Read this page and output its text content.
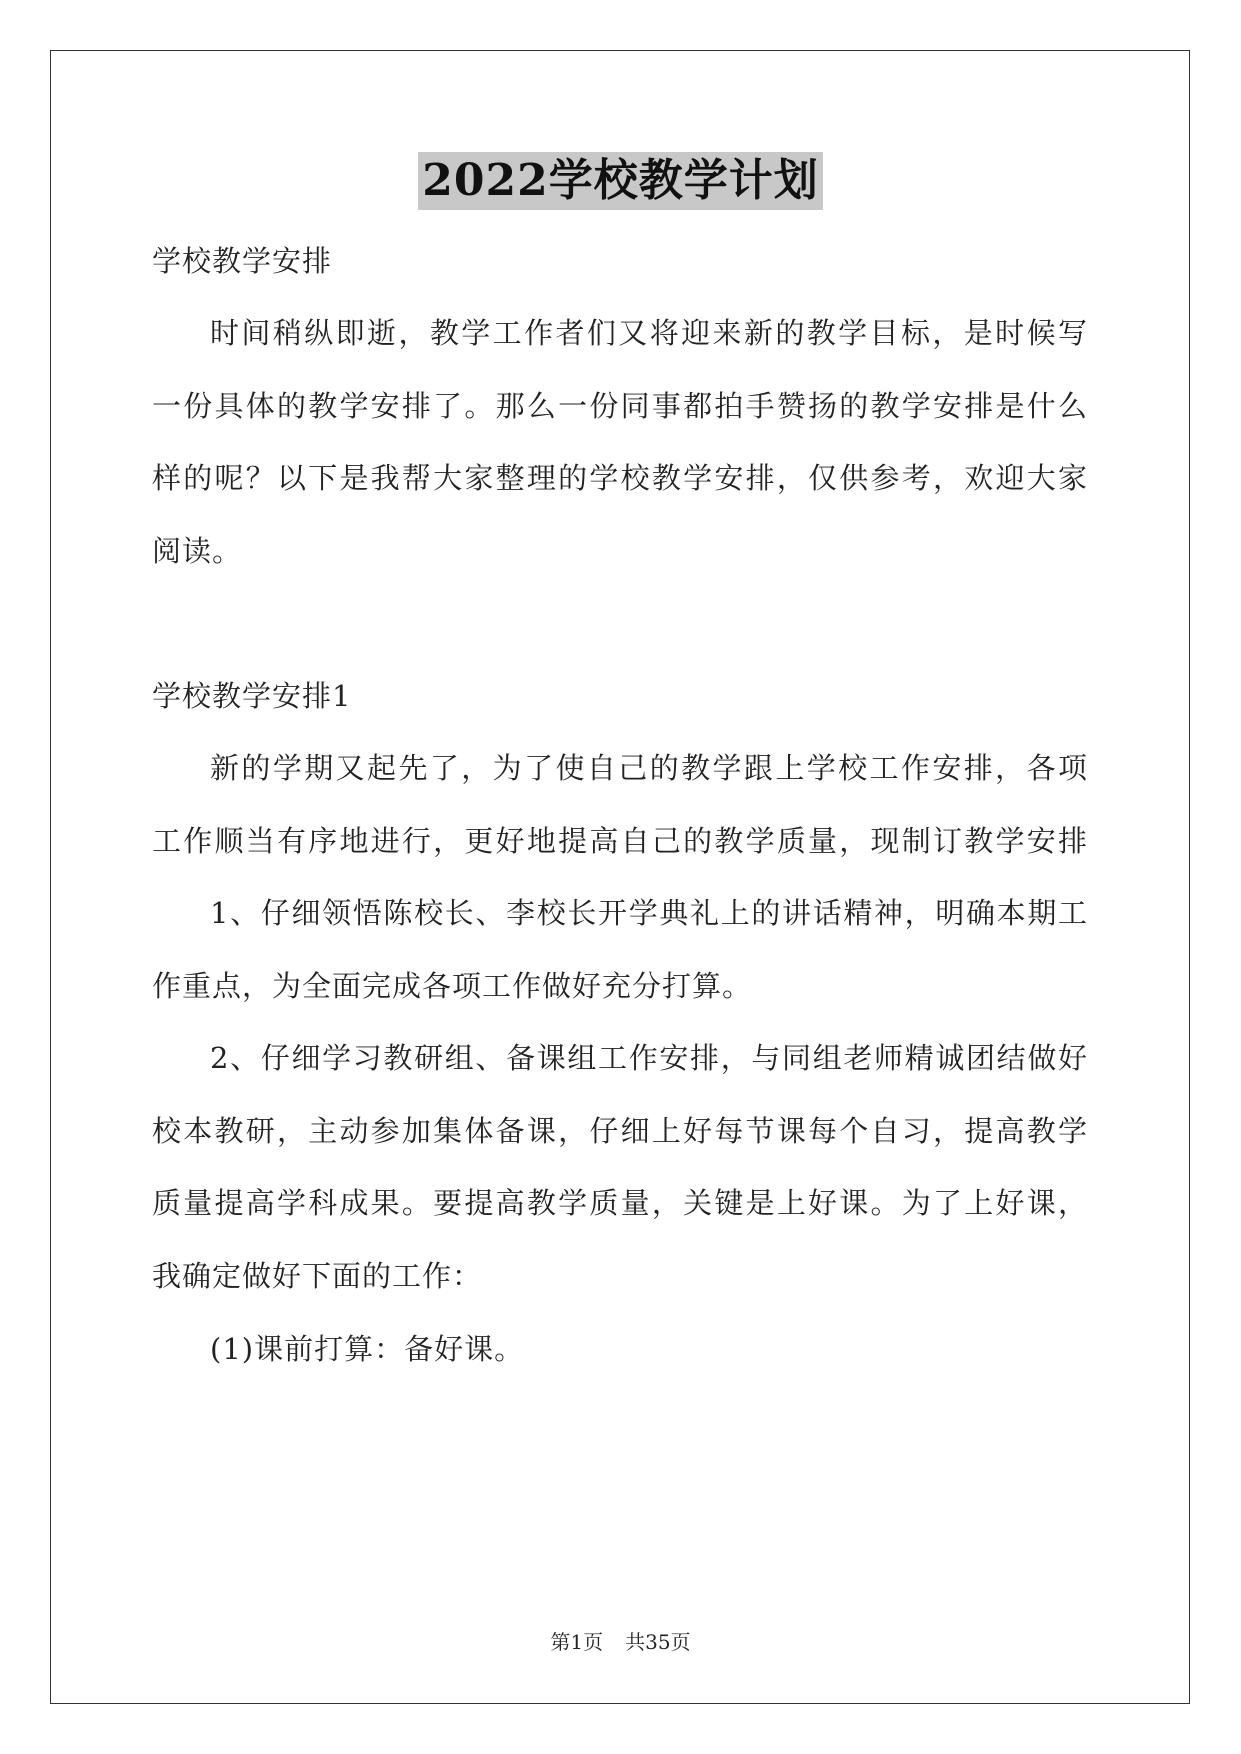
2022学校教学计划
学校教学安排
时间稍纵即逝，教学工作者们又将迎来新的教学目标，是时候写
一份具体的教学安排了。那么一份同事都拍手赞扬的教学安排是什么
样的呢？以下是我帮大家整理的学校教学安排，仅供参考，欢迎大家
阅读。
学校教学安排1
新的学期又起先了，为了使自己的教学跟上学校工作安排，各项
工作顺当有序地进行，更好地提高自己的教学质量，现制订教学安排
1、仔细领悟陈校长、李校长开学典礼上的讲话精神，明确本期工
作重点，为全面完成各项工作做好充分打算。
2、仔细学习教研组、备课组工作安排，与同组老师精诚团结做好
校本教研，主动参加集体备课，仔细上好每节课每个自习，提高教学
质量提高学科成果。要提高教学质量，关键是上好课。为了上好课，
我确定做好下面的工作：
(1)课前打算：备好课。
第1页 共35页
